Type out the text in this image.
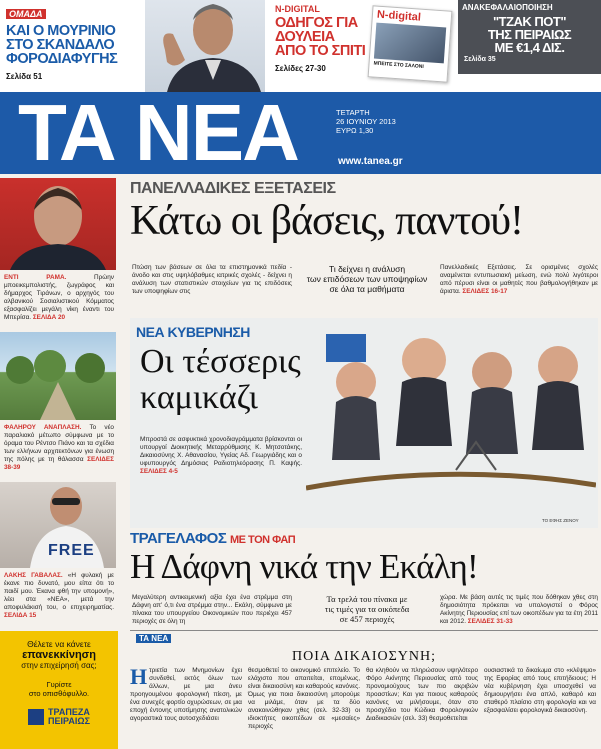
ΟΜΑΔΑ
ΚΑΙ Ο ΜΟΥΡΙΝΙΟ
ΣΤΟ ΣΚΑΝΔΑΛΟ
ΦΟΡΟΔΙΑΦΥΓΗΣ
Σελίδα 51
N-DIGITAL
ΟΔΗΓΟΣ ΓΙΑ
ΔΟΥΛΕΙΑ
ΑΠΟ ΤΟ ΣΠΙΤΙ
Σελίδες 27-30
N-digital
ΜΠΕΙΤΕ ΣΤΟ ΣΑΛΟΝΙ
ΑΝΑΚΕΦΑΛΑΙΟΠΟΙΗΣΗ
"ΤΖΑΚ ΠΟΤ"
ΤΗΣ ΠΕΙΡΑΙΩΣ
ΜΕ €1,4 ΔΙΣ.
Σελίδα 35
ΤΑ ΝΕΑ	ΤΕΤΑΡΤΗ
26 ΙΟΥΝΙΟΥ 2013
ΕΥΡΩ 1,30
www.tanea.gr
ΕΝΤΙ ΡΑΜΑ.	Πρώην μποεικεμπολιστής, ζωγράφος και δήμαρχος Τιράνων, ο αρχηγός του αλβανικού Σοσιαλιστικού Κόμματος εξασφαλίζει μεγάλη νίκη έναντι του Μπερίσα. ΣΕΛΙΔΑ 20
ΦΑΛΗΡΟΥ ΑΝΑΠΛΑΣΗ. Το νέο παραλιακό μέτωπο σύμφωνα με το όραμα του Ρέντσο Πιάνο και τα σχέδια των ελλήνων αρχιτεκτόνων για ένωση της πόλης με τη θάλασσα ΣΕΛΙΔΕΣ 38-39
FREE
ΛΑΚΗΣ ΓΑΒΑΛΑΣ. «Η φυλακή με έκανε πιο δυνατό, μου είπα ότι το παιδί μου. Έκανα φθή την υπομονή», λέει στα «ΝΕΑ», μετά την αποφυλάκισή του, ο επιχειρηματίας. ΣΕΛΙΔΑ 15
Θέλετε να κάνετε
επανεκκίνηση
στην επιχείρησή σας;
Γυρίστε
στο οπισθόφυλλο.
ΤΡΑΠΕΖΑ
ΠΕΙΡΑΙΩΣ
ΠΑΝΕΛΛΑΔΙΚΕΣ ΕΞΕΤΑΣΕΙΣ
Κάτω οι βάσεις, παντού!
Πτώση των βάσεων σε όλα τα επιστημονικά πεδία - άνοδο και στις υψηλόβαθμες ιατρικές σχολές - δείχνει η ανάλυση των στατιστικών στοιχείων για τις επιδόσεις των υποψηφίων στις
Τι δείχνει η ανάλυση
των επιδόσεων των υποψηφίων
σε όλα τα μαθήματα
Πανελλαδικές Εξετάσεις. Σε ορισμένες σχολές αναμένεται εντυπωσιακή μείωση, ενώ πολύ λιγότεροι από πέρυσι είναι οι μαθητές που βαθμολογήθηκαν με άριστα. ΣΕΛΙΔΕΣ 16-17
ΝΕΑ ΚΥΒΕΡΝΗΣΗ
Οι τέσσερις
καμικάζι
Μπροστά σε ασφυκτικά χρονοδιαγράμματα βρίσκονται οι υπουργοί Διοικητικής Μεταρρύθμισης Κ. Μητσοτάκης, Δικαιοσύνης Χ. Αθανασίου, Υγείας Αδ. Γεωργιάδης και ο υφυπουργός Δημόσιας Ραδιοτηλεόρασης Π. Καψής. ΣΕΛΙΔΕΣ 4-5
ΤΟ ΕΦΗΣ ΖΕΝΟΥ
ΤΡΑΓΕΛΑΦΟΣ ΜΕ ΤΟΝ ΦΑΠ
Η Δάφνη νικά την Εκάλη!
Μεγαλύτερη αντικειμενική αξία έχει ένα στρέμμα στη Δάφνη απ' ό,τι ένα στρέμμα στην... Εκάλη, σύμφωνα με πίνακα του υπουργείου Οικονομικών που περιέχει 457 περιοχές σε όλη τη
Τα τρελά του πίνακα με
τις τιμές για τα οικόπεδα
σε 457 περιοχές
χώρα. Με βάση αυτές τις τιμές που δόθηκαν χθες στη δημοσιότητα πρόκειται να υπολογιστεί ο Φόρος Ακίνητης Περιουσίας επί των οικοπέδων για τα έτη 2011 και 2012. ΣΕΛΙΔΕΣ 31-33
ΤΑ ΝΕΑ
ΠΟΙΑ ΔΙΚΑΙΟΣΥΝΗ;
Η τριετία των Μνημονίων έχει συνδεθεί, εκτός όλων των άλλων, με μια άνευ προηγουμένου φορολογική πίεση, με ένα συνεχές φορτίο οχυρώσεων, σε μια εποχή έντονης υποτίμησης ανατολικών αγοραστικά τους αυτοσχεδιάσει
θεσμοθετεί το οικονομικό επιτελείο. Το ελάχιστο που απαιτείται, επομένως, είναι δικαιοσύνη και καθαρούς κανόνες. Όμως για ποια δικαιοσύνη μπορούμε να μιλάμε, όταν με τα δύο ανακοινώθηκαν χθες (σελ. 32-33) οι ιδιοκτήτες οικοπέδων σε «μεσαίες» περιοχές
θα κληθούν να πληρώσουν υψηλότερο Φόρο Ακίνητης Περιουσίας από τους προνομιούχους των πιο ακριβών προαστίων; Και για ποιους καθαρούς κανόνες να μιλήσουμε, όταν στο προσχέδιο του Κώδικα Φορολογικών Διαδικασιών (σελ. 33) θεσμοθετείται
ουσιαστικά το δικαίωμα στο «κλέψιμο» της Εφορίας από τους επιτήδειους; Η νέα κυβέρνηση έχει υποσχεθεί να δημιουργήσει ένα απλό, καθαρό και σταθερό πλαίσιο στη φορολογία και να εξασφαλίσει φορολογικά δικαιοσύνη.
